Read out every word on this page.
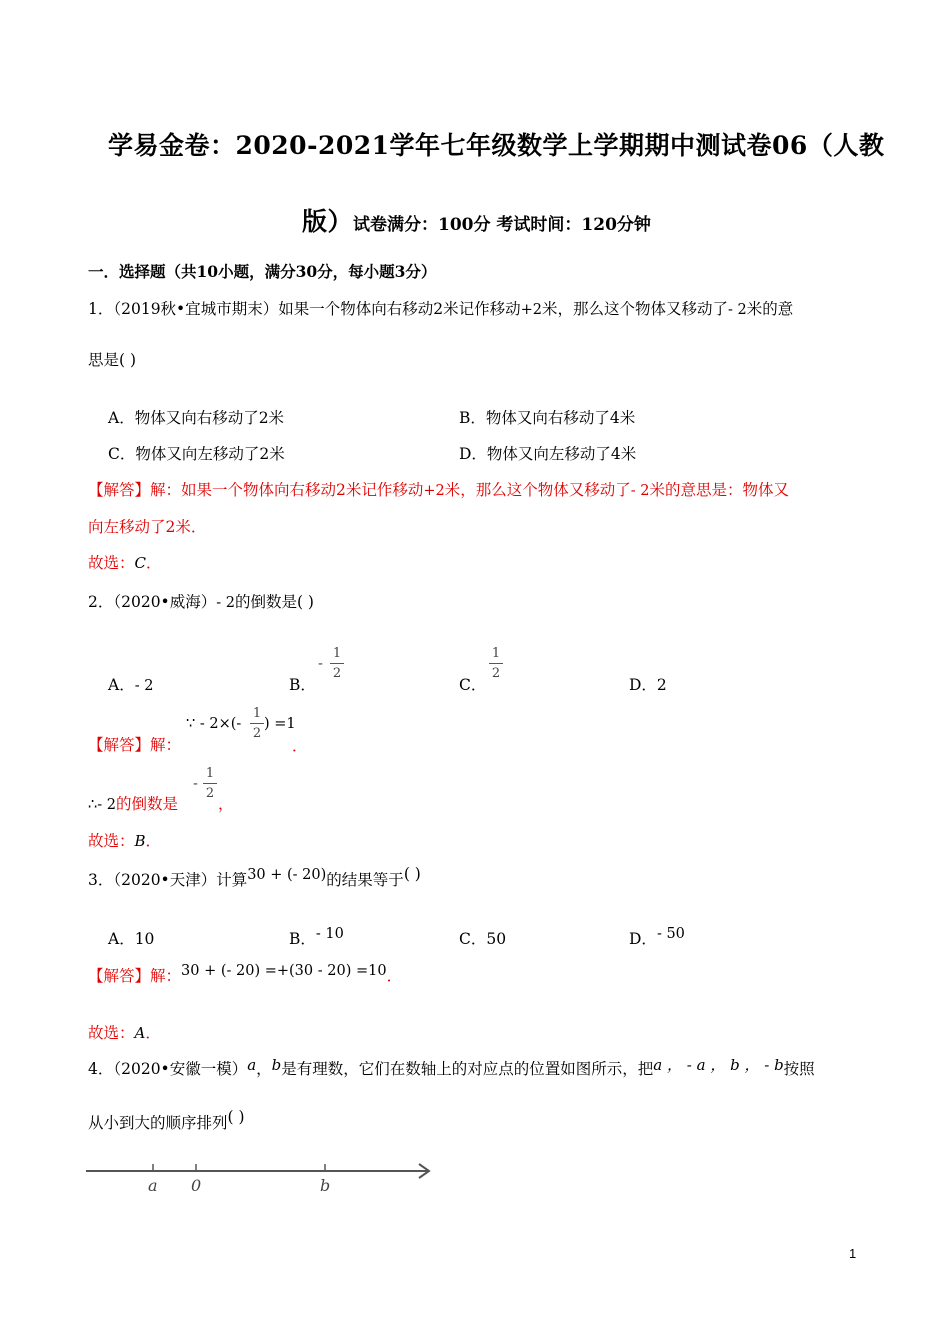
学易金卷：2020-2021学年七年级数学上学期期中测试卷06（人教
版）试卷满分：100分 考试时间：120分钟
一．选择题（共10小题，满分30分，每小题3分）
1．（2019秋•宜城市期末）如果一个物体向右移动2米记作移动+2米，那么这个物体又移动了- 2米的意
思是( )
A．物体又向右移动了2米	B．物体又向右移动了4米
C．物体又向左移动了2米	D．物体又向左移动了4米
【解答】解：如果一个物体向右移动2米记作移动+2米，那么这个物体又移动了- 2米的意思是：物体又
向左移动了2米．
故选：C．
2．（2020•威海）- 2的倒数是( )
A．- 2	B．
-
1
2
C．
1
2
D．2
【解答】解：
∵ - 2×(-
1
2
) =1
．
∴- 2的倒数是
-
1
2
，
故选：B．
3．（2020•天津）计算30 + (- 20)的结果等于( )
A．10	B．- 10	C．50	D．- 50
【解答】解：30 + (- 20) =+(30 - 20) =10．
故选：A．
4．（2020•安徽一模）a，b是有理数，它们在数轴上的对应点的位置如图所示，把a ， - a ， b ， - b按照
从小到大的顺序排列( )
a 0	b
1
